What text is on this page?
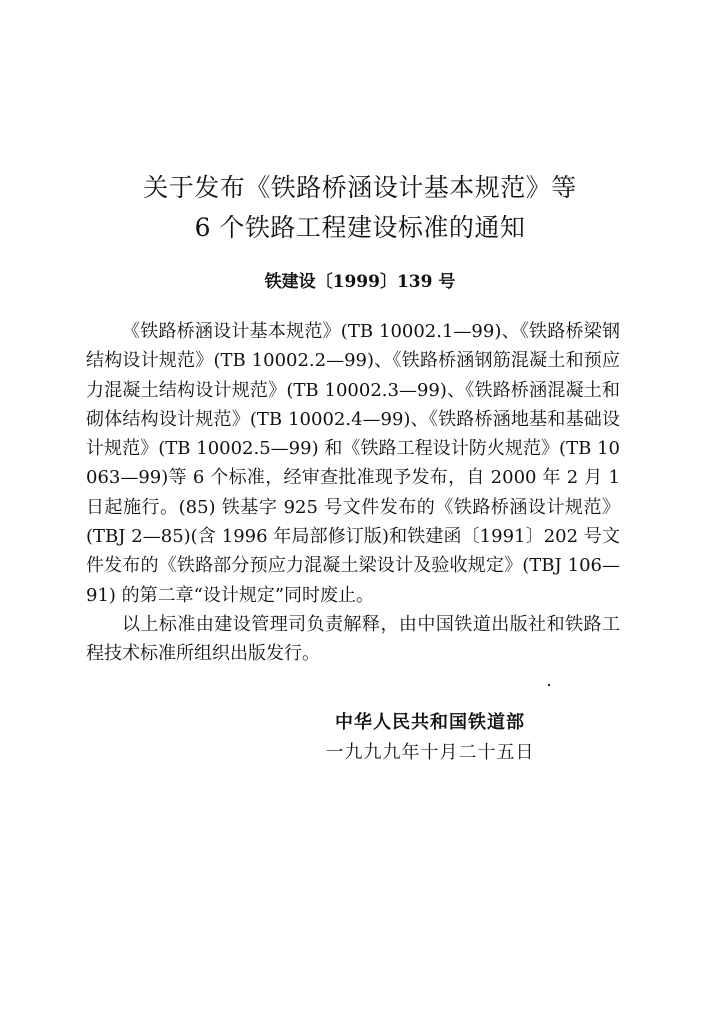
关于发布《铁路桥涵设计基本规范》等
6 个铁路工程建设标准的通知
铁建设〔1999〕139 号

《铁路桥涵设计基本规范》(TB 10002.1—99)、《铁路桥梁钢结构设计规范》(TB 10002.2—99)、《铁路桥涵钢筋混凝土和预应力混凝土结构设计规范》(TB 10002.3—99)、《铁路桥涵混凝土和砌体结构设计规范》(TB 10002.4—99)、《铁路桥涵地基和基础设计规范》(TB 10002.5—99) 和《铁路工程设计防火规范》(TB 10063—99)等 6 个标准，经审查批准现予发布，自 2000 年 2 月 1 日起施行。(85) 铁基字 925 号文件发布的《铁路桥涵设计规范》(TBJ 2—85)(含 1996 年局部修订版)和铁建函〔1991〕202 号文件发布的《铁路部分预应力混凝土梁设计及验收规定》(TBJ 106—91) 的第二章“设计规定”同时废止。

以上标准由建设管理司负责解释，由中国铁道出版社和铁路工程技术标准所组织出版发行。

中华人民共和国铁道部
一九九九年十月二十五日
